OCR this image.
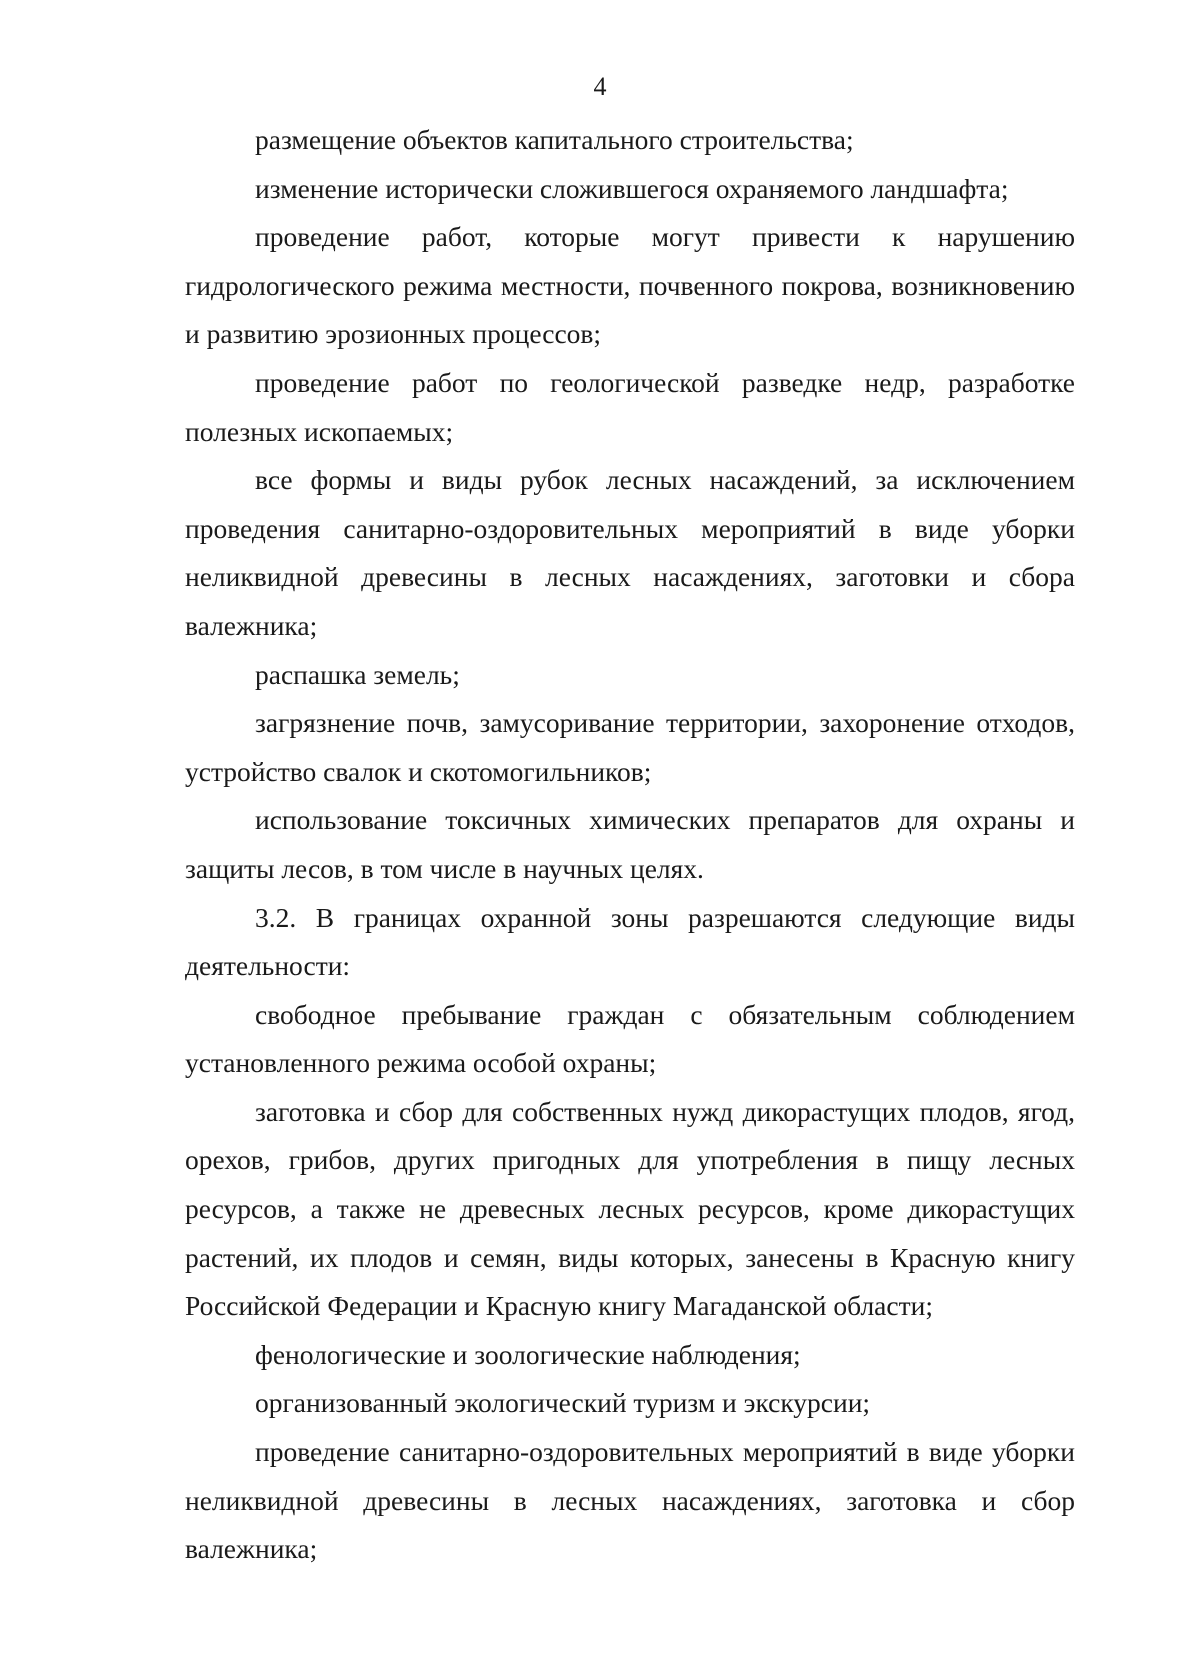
4

размещение объектов капитального строительства;

изменение исторически сложившегося охраняемого ландшафта;

проведение работ, которые могут привести к нарушению гидрологического режима местности, почвенного покрова, возникновению и развитию эрозионных процессов;

проведение работ по геологической разведке недр, разработке полезных ископаемых;

все формы и виды рубок лесных насаждений, за исключением проведения санитарно-оздоровительных мероприятий в виде уборки неликвидной древесины в лесных насаждениях, заготовки и сбора валежника;

распашка земель;

загрязнение почв, замусоривание территории, захоронение отходов, устройство свалок и скотомогильников;

использование токсичных химических препаратов для охраны и защиты лесов, в том числе в научных целях.

3.2. В границах охранной зоны разрешаются следующие виды деятельности:

свободное пребывание граждан с обязательным соблюдением установленного режима особой охраны;

заготовка и сбор для собственных нужд дикорастущих плодов, ягод, орехов, грибов, других пригодных для употребления в пищу лесных ресурсов, а также не древесных лесных ресурсов, кроме дикорастущих растений, их плодов и семян, виды которых, занесены в Красную книгу Российской Федерации и Красную книгу Магаданской области;

фенологические и зоологические наблюдения;

организованный экологический туризм и экскурсии;

проведение санитарно-оздоровительных мероприятий в виде уборки неликвидной древесины в лесных насаждениях, заготовка и сбор валежника;
